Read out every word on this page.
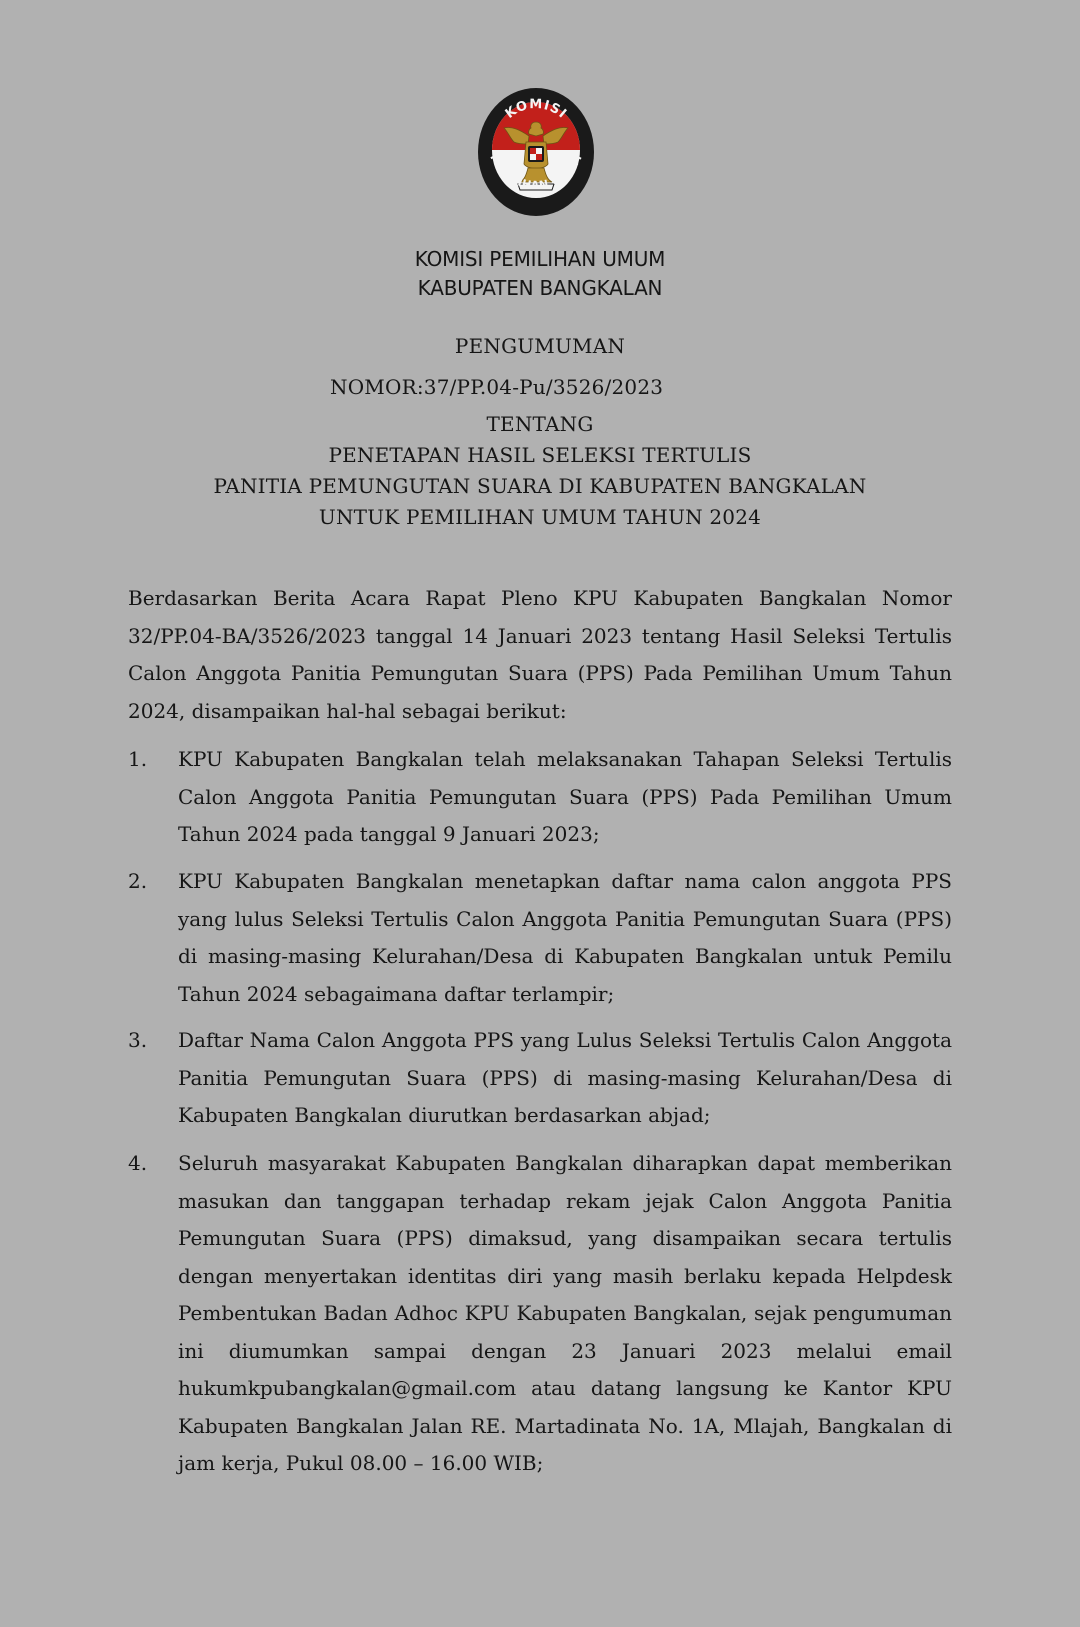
KOMISI
PEMILIHAN UMUM
KOMISI PEMILIHAN UMUM
KABUPATEN BANGKALAN
PENGUMUMAN
NOMOR:37/PP.04-Pu/3526/2023
TENTANG
PENETAPAN HASIL SELEKSI TERTULIS
PANITIA PEMUNGUTAN SUARA DI KABUPATEN BANGKALAN
UNTUK PEMILIHAN UMUM TAHUN 2024

Berdasarkan Berita Acara Rapat Pleno KPU Kabupaten Bangkalan Nomor 32/PP.04-BA/3526/2023 tanggal 14 Januari 2023 tentang Hasil Seleksi Tertulis Calon Anggota Panitia Pemungutan Suara (PPS) Pada Pemilihan Umum Tahun 2024, disampaikan hal-hal sebagai berikut:

1. KPU Kabupaten Bangkalan telah melaksanakan Tahapan Seleksi Tertulis Calon Anggota Panitia Pemungutan Suara (PPS) Pada Pemilihan Umum Tahun 2024 pada tanggal 9 Januari 2023;

2. KPU Kabupaten Bangkalan menetapkan daftar nama calon anggota PPS yang lulus Seleksi Tertulis Calon Anggota Panitia Pemungutan Suara (PPS) di masing-masing Kelurahan/Desa di Kabupaten Bangkalan untuk Pemilu Tahun 2024 sebagaimana daftar terlampir;

3. Daftar Nama Calon Anggota PPS yang Lulus Seleksi Tertulis Calon Anggota Panitia Pemungutan Suara (PPS) di masing-masing Kelurahan/Desa di Kabupaten Bangkalan diurutkan berdasarkan abjad;

4. Seluruh masyarakat Kabupaten Bangkalan diharapkan dapat memberikan masukan dan tanggapan terhadap rekam jejak Calon Anggota Panitia Pemungutan Suara (PPS) dimaksud, yang disampaikan secara tertulis dengan menyertakan identitas diri yang masih berlaku kepada Helpdesk Pembentukan Badan Adhoc KPU Kabupaten Bangkalan, sejak pengumuman ini diumumkan sampai dengan 23 Januari 2023 melalui email hukumkpubangkalan@gmail.com atau datang langsung ke Kantor KPU Kabupaten Bangkalan Jalan RE. Martadinata No. 1A, Mlajah, Bangkalan di jam kerja, Pukul 08.00 – 16.00 WIB;
